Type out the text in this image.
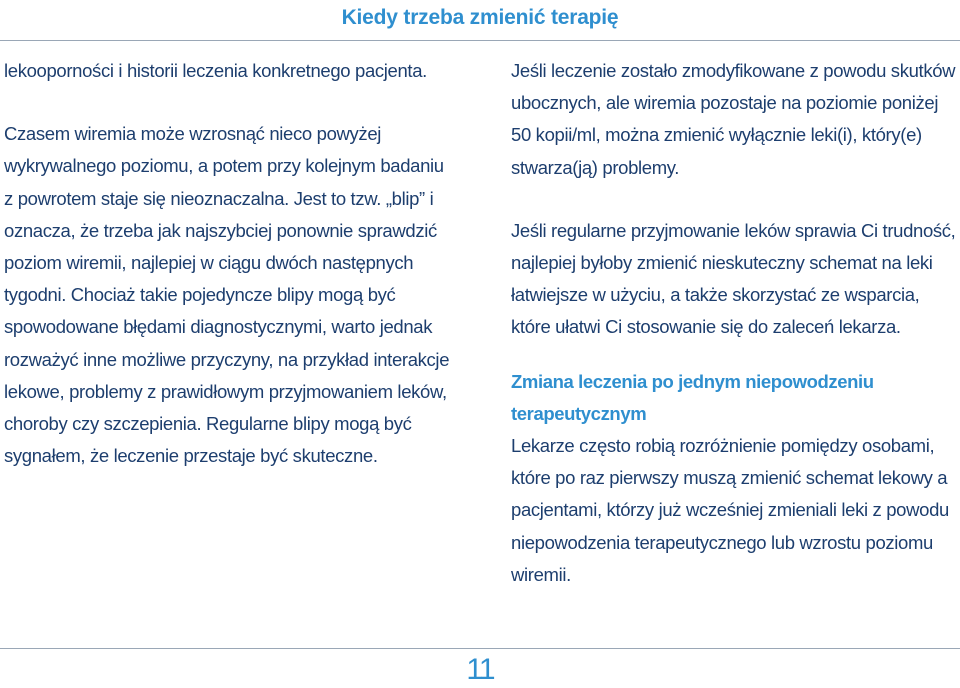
Kiedy trzeba zmienić terapię

lekooporności i historii leczenia konkretnego pacjenta.

Czasem wiremia może wzrosnąć nieco powyżej wykrywalnego poziomu, a potem przy kolejnym badaniu z powrotem staje się nieoznaczalna. Jest to tzw. „blip” i oznacza, że trzeba jak najszybciej ponownie sprawdzić poziom wiremii, najlepiej w ciągu dwóch następnych tygodni. Chociaż takie pojedyncze blipy mogą być spowodowane błędami diagnostycznymi, warto jednak rozważyć inne możliwe przyczyny, na przykład interakcje lekowe, problemy z prawidłowym przyjmowaniem leków, choroby czy szczepienia. Regularne blipy mogą być sygnałem, że leczenie przestaje być skuteczne.

Jeśli leczenie zostało zmodyfikowane z powodu skutków ubocznych, ale wiremia pozostaje na poziomie poniżej 50 kopii/ml, można zmienić wyłącznie leki(i), który(e) stwarza(ją) problemy.

Jeśli regularne przyjmowanie leków sprawia Ci trudność, najlepiej byłoby zmienić nieskuteczny schemat na leki łatwiejsze w użyciu, a także skorzystać ze wsparcia, które ułatwi Ci stosowanie się do zaleceń lekarza.

Zmiana leczenia po jednym niepowodzeniu terapeutycznym

Lekarze często robią rozróżnienie pomiędzy osobami, które po raz pierwszy muszą zmienić schemat lekowy a pacjentami, którzy już wcześniej zmieniali leki z powodu niepowodzenia terapeutycznego lub wzrostu poziomu wiremii.

11
